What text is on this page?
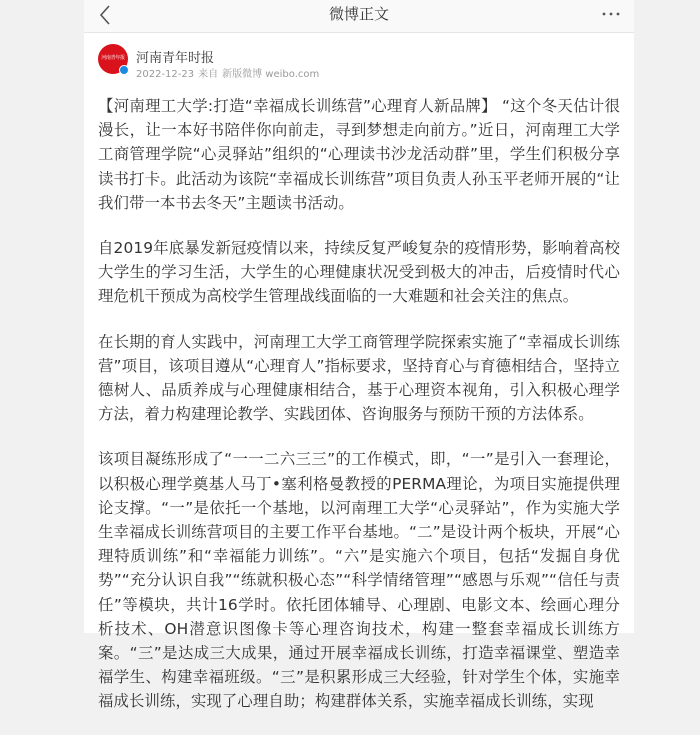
微博正文
河南青年报 河南青年时报
2022-12-23 来自 新版微博 weibo.com

【河南理工大学:打造“幸福成长训练营”心理育人新品牌】 “这个冬天估计很漫长，让一本好书陪伴你向前走，寻到梦想走向前方。”近日，河南理工大学工商管理学院“心灵驿站”组织的“心理读书沙龙活动群”里，学生们积极分享读书打卡。此活动为该院“幸福成长训练营”项目负责人孙玉平老师开展的“让我们带一本书去冬天”主题读书活动。

自2019年底暴发新冠疫情以来，持续反复严峻复杂的疫情形势，影响着高校大学生的学习生活，大学生的心理健康状况受到极大的冲击，后疫情时代心理危机干预成为高校学生管理战线面临的一大难题和社会关注的焦点。

在长期的育人实践中，河南理工大学工商管理学院探索实施了“幸福成长训练营”项目，该项目遵从“心理育人”指标要求，坚持育心与育德相结合，坚持立德树人、品质养成与心理健康相结合，基于心理资本视角，引入积极心理学方法，着力构建理论教学、实践团体、咨询服务与预防干预的方法体系。

该项目凝练形成了“一一二六三三”的工作模式，即，“一”是引入一套理论，以积极心理学奠基人马丁•塞利格曼教授的PERMA理论，为项目实施提供理论支撑。“一”是依托一个基地，以河南理工大学“心灵驿站”，作为实施大学生幸福成长训练营项目的主要工作平台基地。“二”是设计两个板块，开展“心理特质训练”和“幸福能力训练”。“六”是实施六个项目，包括“发掘自身优势”“充分认识自我”“练就积极心态”“科学情绪管理”“感恩与乐观”“信任与责任”等模块，共计16学时。依托团体辅导、心理剧、电影文本、绘画心理分析技术、OH潜意识图像卡等心理咨询技术，构建一整套幸福成长训练方案。“三”是达成三大成果，通过开展幸福成长训练，打造幸福课堂、塑造幸福学生、构建幸福班级。“三”是积累形成三大经验，针对学生个体，实施幸福成长训练，实现了心理自助；构建群体关系，实施幸福成长训练，实现
